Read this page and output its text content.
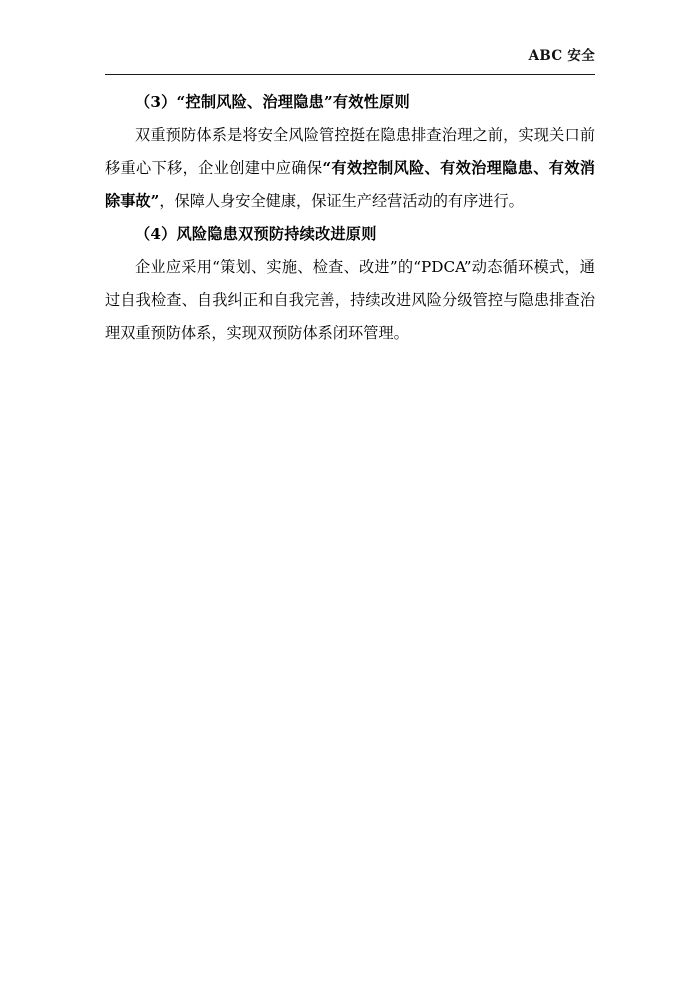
ABC 安全

（3）“控制风险、治理隐患”有效性原则

双重预防体系是将安全风险管控挺在隐患排查治理之前，实现关口前移重心下移，企业创建中应确保“有效控制风险、有效治理隐患、有效消除事故”，保障人身安全健康，保证生产经营活动的有序进行。

（4）风险隐患双预防持续改进原则

企业应采用“策划、实施、检查、改进”的“PDCA”动态循环模式，通过自我检查、自我纠正和自我完善，持续改进风险分级管控与隐患排查治理双重预防体系，实现双预防体系闭环管理。
